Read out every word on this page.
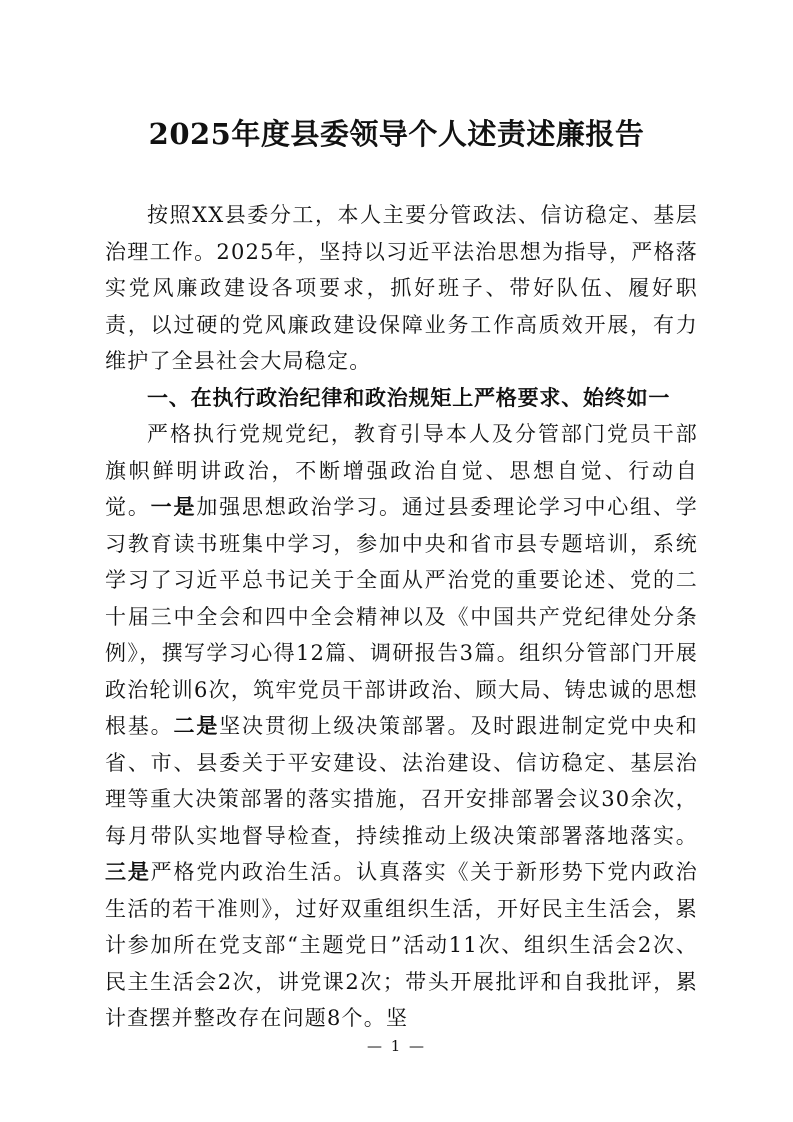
2025年度县委领导个人述责述廉报告

按照XX县委分工，本人主要分管政法、信访稳定、基层治理工作。2025年，坚持以习近平法治思想为指导，严格落实党风廉政建设各项要求，抓好班子、带好队伍、履好职责，以过硬的党风廉政建设保障业务工作高质效开展，有力维护了全县社会大局稳定。

一、在执行政治纪律和政治规矩上严格要求、始终如一

严格执行党规党纪，教育引导本人及分管部门党员干部旗帜鲜明讲政治，不断增强政治自觉、思想自觉、行动自觉。一是加强思想政治学习。通过县委理论学习中心组、学习教育读书班集中学习，参加中央和省市县专题培训，系统学习了习近平总书记关于全面从严治党的重要论述、党的二十届三中全会和四中全会精神以及《中国共产党纪律处分条例》，撰写学习心得12篇、调研报告3篇。组织分管部门开展政治轮训6次，筑牢党员干部讲政治、顾大局、铸忠诚的思想根基。二是坚决贯彻上级决策部署。及时跟进制定党中央和省、市、县委关于平安建设、法治建设、信访稳定、基层治理等重大决策部署的落实措施，召开安排部署会议30余次，每月带队实地督导检查，持续推动上级决策部署落地落实。三是严格党内政治生活。认真落实《关于新形势下党内政治生活的若干准则》，过好双重组织生活，开好民主生活会，累计参加所在党支部“主题党日”活动11次、组织生活会2次、民主生活会2次，讲党课2次；带头开展批评和自我批评，累计查摆并整改存在问题8个。坚

— 1 —
